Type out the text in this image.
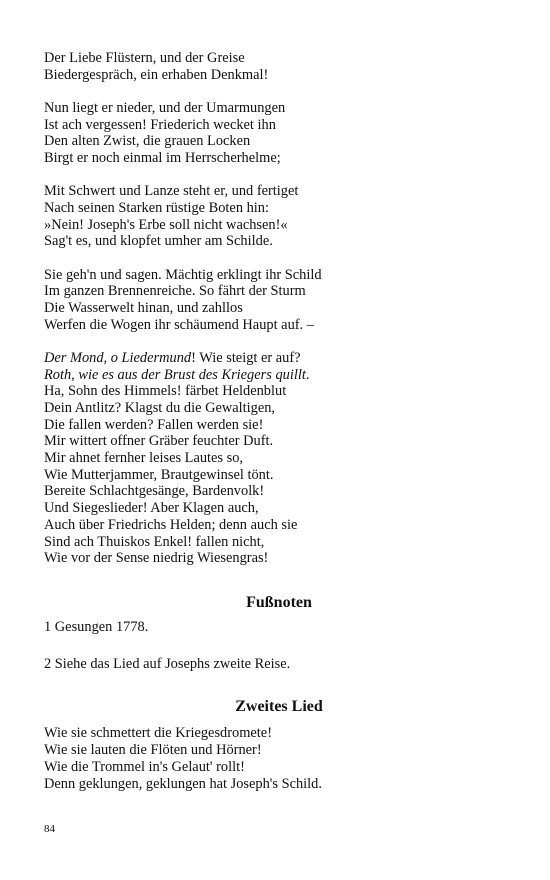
Der Liebe Flüstern, und der Greise
Biedergespräch, ein erhaben Denkmal!
Nun liegt er nieder, und der Umarmungen
Ist ach vergessen! Friederich wecket ihn
Den alten Zwist, die grauen Locken
Birgt er noch einmal im Herrscherhelme;
Mit Schwert und Lanze steht er, und fertiget
Nach seinen Starken rüstige Boten hin:
»Nein! Joseph's Erbe soll nicht wachsen!«
Sag't es, und klopfet umher am Schilde.
Sie geh'n und sagen. Mächtig erklingt ihr Schild
Im ganzen Brennenreiche. So fährt der Sturm
Die Wasserwelt hinan, und zahllos
Werfen die Wogen ihr schäumend Haupt auf. –
Der Mond, o Liedermund! Wie steigt er auf?
Roth, wie es aus der Brust des Kriegers quillt.
Ha, Sohn des Himmels! färbet Heldenblut
Dein Antlitz? Klagst du die Gewaltigen,
Die fallen werden? Fallen werden sie!
Mir wittert offner Gräber feuchter Duft.
Mir ahnet fernher leises Lautes so,
Wie Mutterjammer, Brautgewinsel tönt.
Bereite Schlachtgesänge, Bardenvolk!
Und Siegeslieder! Aber Klagen auch,
Auch über Friedrichs Helden; denn auch sie
Sind ach Thuiskos Enkel! fallen nicht,
Wie vor der Sense niedrig Wiesengras!
Fußnoten
1 Gesungen 1778.
2 Siehe das Lied auf Josephs zweite Reise.
Zweites Lied
Wie sie schmettert die Kriegesdromete!
Wie sie lauten die Flöten und Hörner!
Wie die Trommel in's Gelaut' rollt!
Denn geklungen, geklungen hat Joseph's Schild.
84
